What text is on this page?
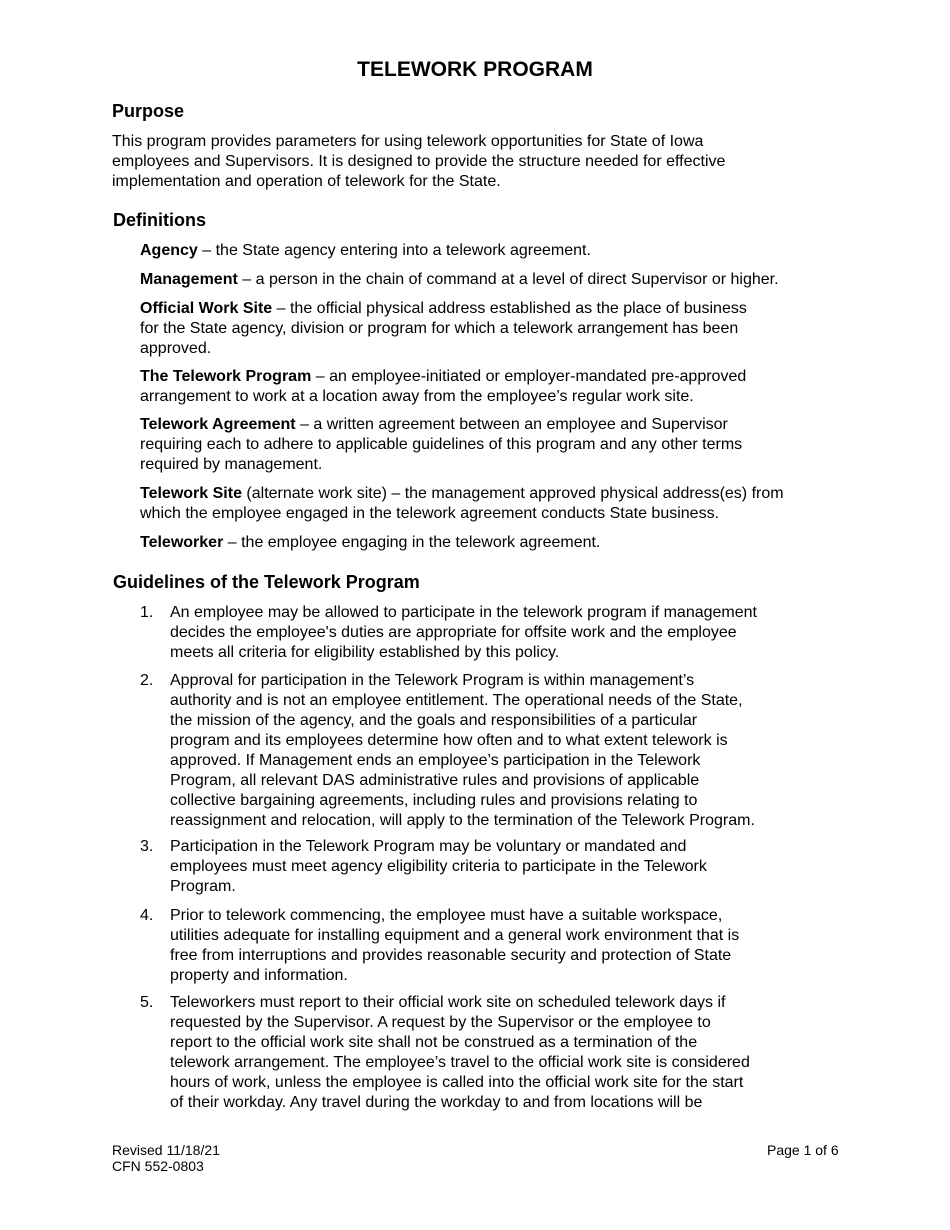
TELEWORK PROGRAM
Purpose
This program provides parameters for using telework opportunities for State of Iowa
employees and Supervisors. It is designed to provide the structure needed for effective
implementation and operation of telework for the State.
Definitions
Agency – the State agency entering into a telework agreement.
Management – a person in the chain of command at a level of direct Supervisor or higher.
Official Work Site – the official physical address established as the place of business
for the State agency, division or program for which a telework arrangement has been
approved.
The Telework Program – an employee-initiated or employer-mandated pre-approved
arrangement to work at a location away from the employee’s regular work site.
Telework Agreement – a written agreement between an employee and Supervisor
requiring each to adhere to applicable guidelines of this program and any other terms
required by management.
Telework Site (alternate work site) – the management approved physical address(es) from
which the employee engaged in the telework agreement conducts State business.
Teleworker – the employee engaging in the telework agreement.
Guidelines of the Telework Program
1.	An employee may be allowed to participate in the telework program if management
decides the employee's duties are appropriate for offsite work and the employee
meets all criteria for eligibility established by this policy.
2.	Approval for participation in the Telework Program is within management’s
authority and is not an employee entitlement. The operational needs of the State,
the mission of the agency, and the goals and responsibilities of a particular
program and its employees determine how often and to what extent telework is
approved. If Management ends an employee’s participation in the Telework
Program, all relevant DAS administrative rules and provisions of applicable
collective bargaining agreements, including rules and provisions relating to
reassignment and relocation, will apply to the termination of the Telework Program.
3.	Participation in the Telework Program may be voluntary or mandated and
employees must meet agency eligibility criteria to participate in the Telework
Program.
4.	Prior to telework commencing, the employee must have a suitable workspace,
utilities adequate for installing equipment and a general work environment that is
free from interruptions and provides reasonable security and protection of State
property and information.
5.	Teleworkers must report to their official work site on scheduled telework days if
requested by the Supervisor. A request by the Supervisor or the employee to
report to the official work site shall not be construed as a termination of the
telework arrangement. The employee’s travel to the official work site is considered
hours of work, unless the employee is called into the official work site for the start
of their workday. Any travel during the workday to and from locations will be
Revised 11/18/21
CFN 552-0803
Page 1 of 6
